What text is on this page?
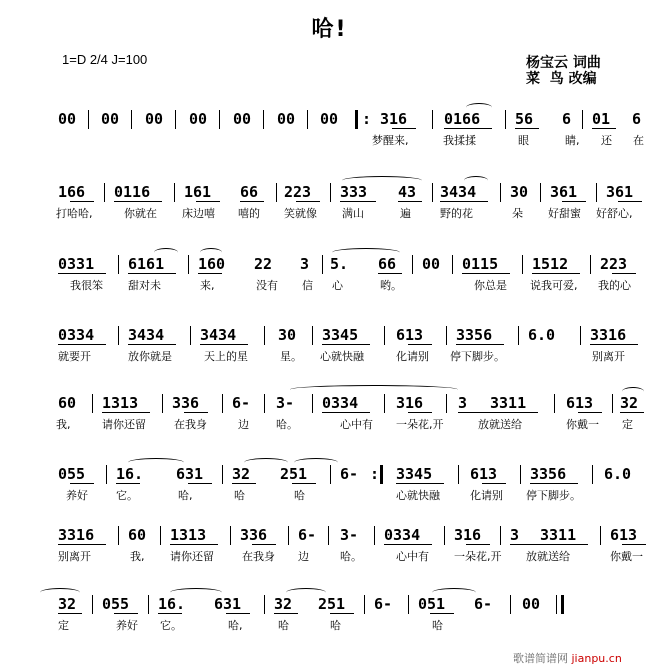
哈!
1=D 2/4 J=100	杨宝云 词曲
菜  鸟 改编
00 00 00 00 00 00 00 : 316 0166 56 6 01 6
梦醒来,	我揉揉	眼	睛, 还 在
166 0116 161 66 223 333 43 3434 30 361 361
打哈哈,	你就在 床边嘻 嘻的 笑就像 满山	遍	野的花	朵 好甜蜜 好舒心,
0331 6161 160 22 3 5. 66 00 0115 1512 223
我很笨 甜对未	来,	没有 信 心	哟。	你总是 说我可爱, 我的心
0334 3434 3434	30 3345	613 3356 6.0 3316
就要开	放你就是	天上的星	星。 心就快融	化请别 停下脚步。	别离开
60 1313 336 6- 3- 0334	316 3 3311	613 32
我,	请你还留	在我身	边 哈。	心中有 一朵花,开	放就送给	你戴一 定
055 16. 631 32 251 6- : 3345	613 3356	6.0
养好	它。	哈,	哈	哈	心就快融	化请别 停下脚步。
3316 60 1313 336 6- 3- 0334 316 3 3311 613
别离开	我, 请你还留	在我身 边	哈。	心中有 一朵花,开 放就送给	你戴一
32 055 16. 631 32 251 6- 051 6- 00
定	养好 它。	哈,	哈	哈	哈
歌谱简谱网 jianpu.cn
